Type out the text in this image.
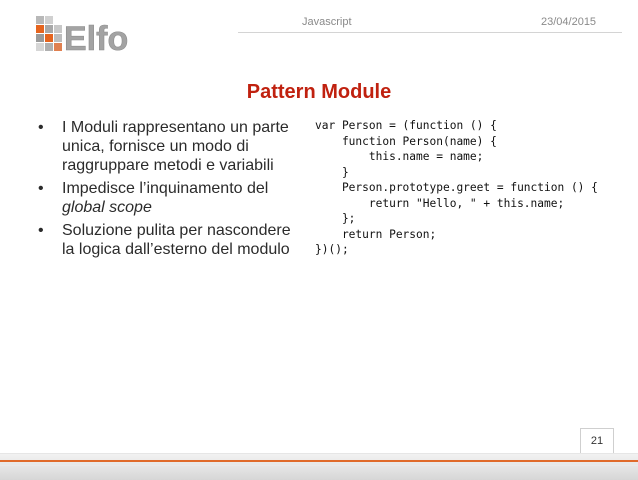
Elfo	Javascript	23/04/2015
Pattern Module
• I Moduli rappresentano un parte unica, fornisce un modo di raggruppare metodi e variabili
• Impedisce l’inquinamento del global scope
• Soluzione pulita per nascondere la logica dall’esterno del modulo
var Person = (function () {
function Person(name) {
this.name = name;
}
Person.prototype.greet = function () {
return "Hello, " + this.name;
};
return Person;
})();
21
